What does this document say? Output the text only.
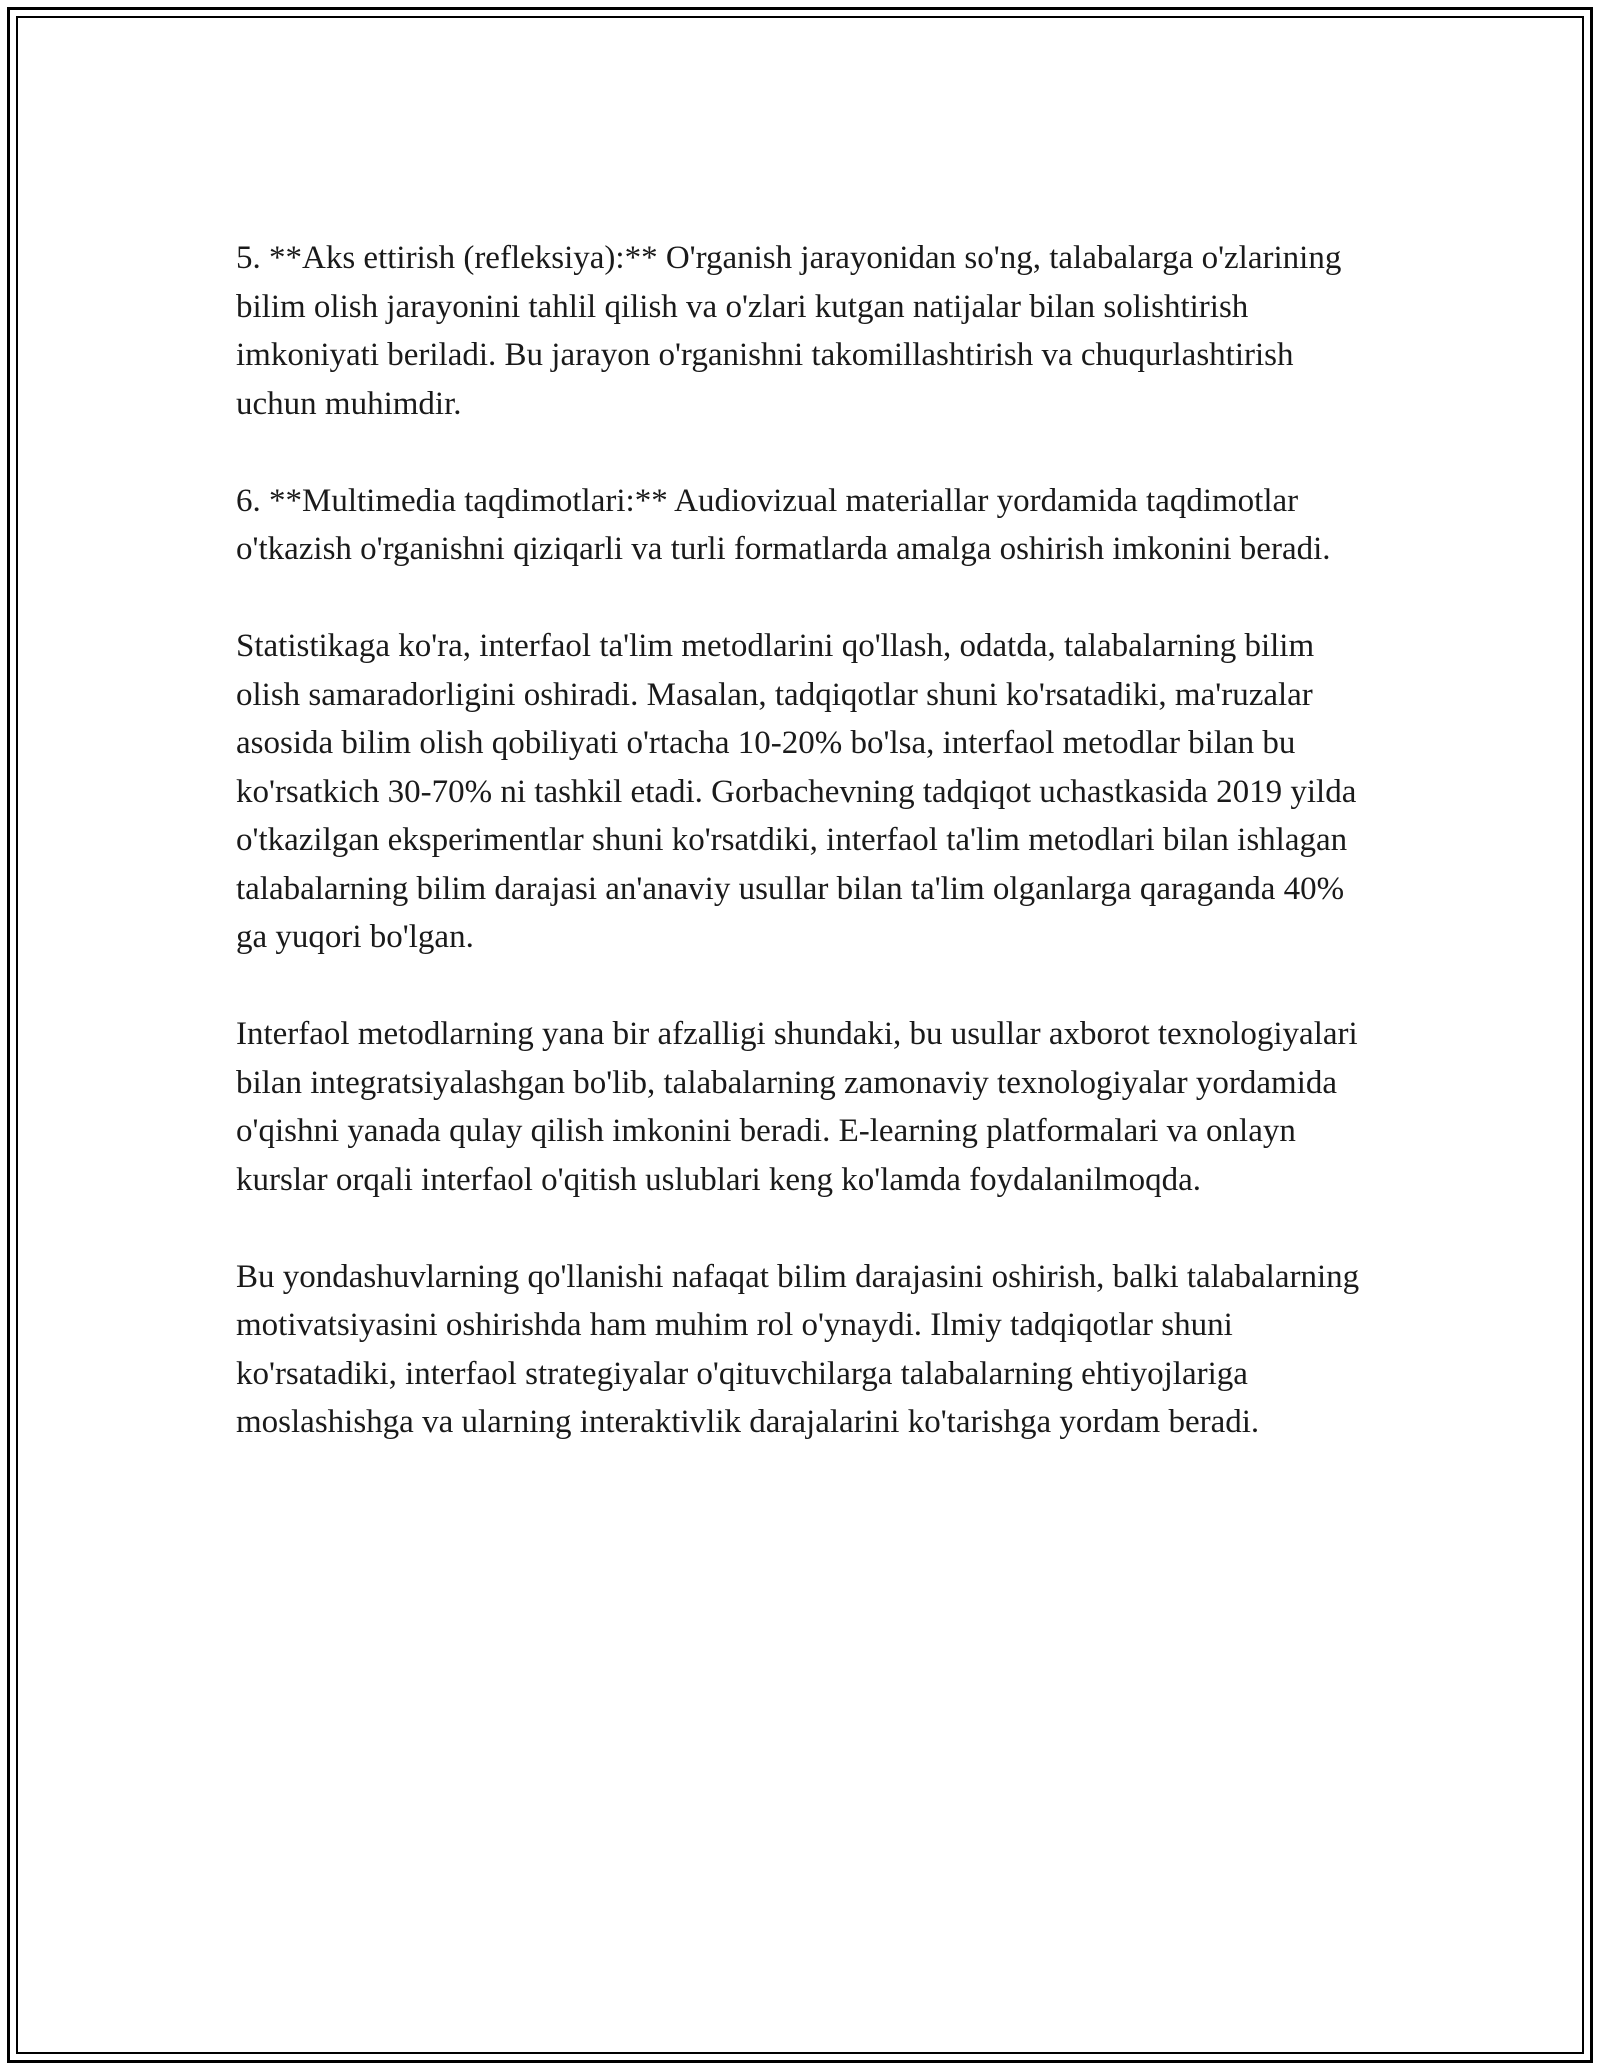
5. **Aks ettirish (refleksiya):** O'rganish jarayonidan so'ng, talabalarga o'zlarining bilim olish jarayonini tahlil qilish va o'zlari kutgan natijalar bilan solishtirish imkoniyati beriladi. Bu jarayon o'rganishni takomillashtirish va chuqurlashtirish uchun muhimdir.

6. **Multimedia taqdimotlari:** Audiovizual materiallar yordamida taqdimotlar o'tkazish o'rganishni qiziqarli va turli formatlarda amalga oshirish imkonini beradi.

Statistikaga ko'ra, interfaol ta'lim metodlarini qo'llash, odatda, talabalarning bilim olish samaradorligini oshiradi. Masalan, tadqiqotlar shuni ko'rsatadiki, ma'ruzalar asosida bilim olish qobiliyati o'rtacha 10-20% bo'lsa, interfaol metodlar bilan bu ko'rsatkich 30-70% ni tashkil etadi. Gorbachevning tadqiqot uchastkasida 2019 yilda o'tkazilgan eksperimentlar shuni ko'rsatdiki, interfaol ta'lim metodlari bilan ishlagan talabalarning bilim darajasi an'anaviy usullar bilan ta'lim olganlarga qaraganda 40% ga yuqori bo'lgan.

Interfaol metodlarning yana bir afzalligi shundaki, bu usullar axborot texnologiyalari bilan integratsiyalashgan bo'lib, talabalarning zamonaviy texnologiyalar yordamida o'qishni yanada qulay qilish imkonini beradi. E-learning platformalari va onlayn kurslar orqali interfaol o'qitish uslublari keng ko'lamda foydalanilmoqda.

Bu yondashuvlarning qo'llanishi nafaqat bilim darajasini oshirish, balki talabalarning motivatsiyasini oshirishda ham muhim rol o'ynaydi. Ilmiy tadqiqotlar shuni ko'rsatadiki, interfaol strategiyalar o'qituvchilarga talabalarning ehtiyojlariga moslashishga va ularning interaktivlik darajalarini ko'tarishga yordam beradi.
